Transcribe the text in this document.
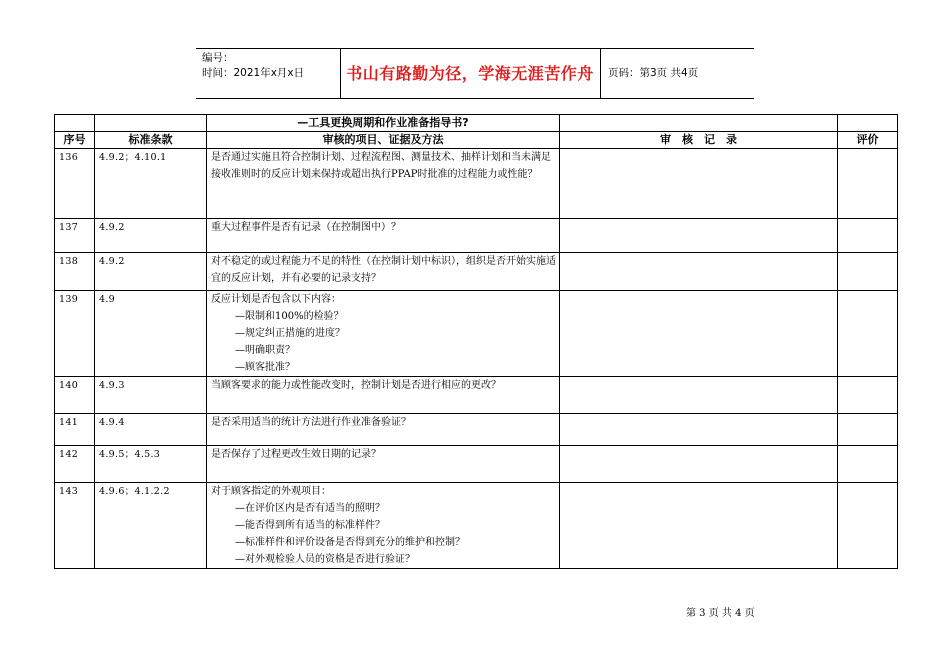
编号：
时间：2021年x月x日	书山有路勤为径，学海无涯苦作舟	页码：第3页 共4页
		—工具更换周期和作业准备指导书?		
序号	标准条款	审核的项目、证据及方法	审　核　记　录	评价
136	4.9.2；4.10.1	是否通过实施且符合控制计划、过程流程图、测量技术、抽样计划和当未满足接收准则时的反应计划来保持或超出执行PPAP时批准的过程能力或性能？		

137	4.9.2	重大过程事件是否有记录（在控制图中）？		

138	4.9.2	对不稳定的或过程能力不足的特性（在控制计划中标识），组织是否开始实施适宜的反应计划，并有必要的记录支持？		

139	4.9	反应计划是否包含以下内容：
—限制和100%的检验？
—规定纠正措施的进度？
—明确职责？
—顾客批准？		

140	4.9.3	当顾客要求的能力或性能改变时，控制计划是否进行相应的更改？		

141	4.9.4	是否采用适当的统计方法进行作业准备验证？		

142	4.9.5；4.5.3	是否保存了过程更改生效日期的记录？		

143	4.9.6；4.1.2.2	对于顾客指定的外观项目：
—在评价区内是否有适当的照明？
—能否得到所有适当的标准样件？
—标准样件和评价设备是否得到充分的维护和控制？
—对外观检验人员的资格是否进行验证？		

第 3 页 共 4 页
